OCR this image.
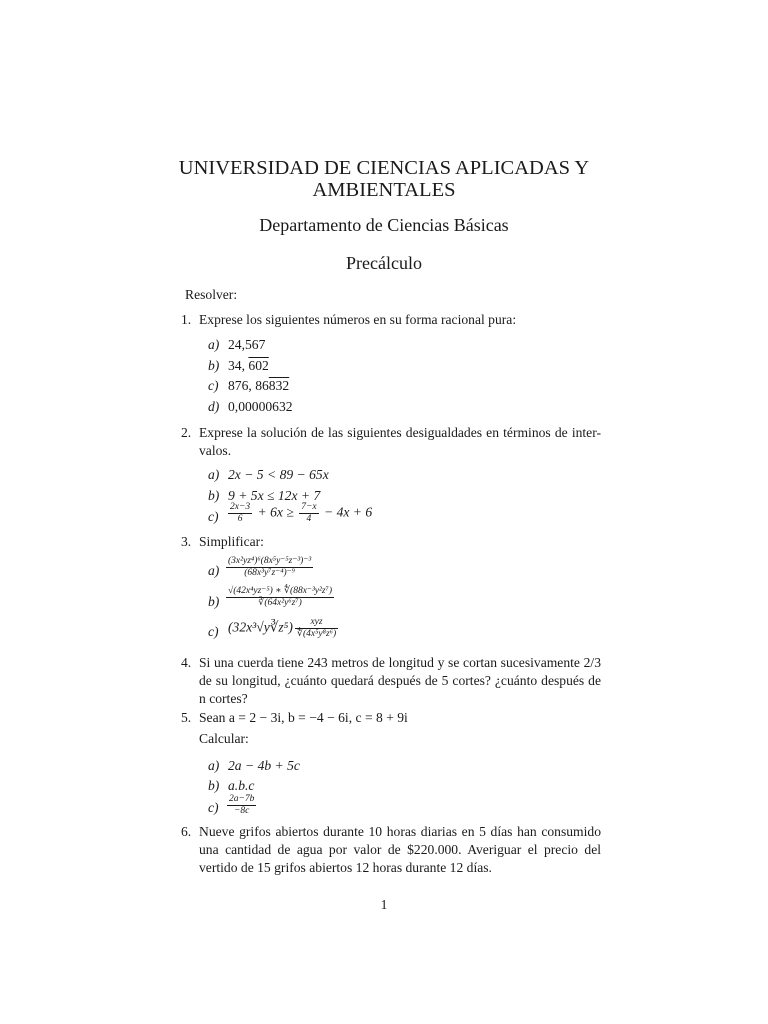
UNIVERSIDAD DE CIENCIAS APLICADAS Y
AMBIENTALES
Departamento de Ciencias Básicas
Precálculo
Resolver:
1. Exprese los siguientes números en su forma racional pura:
a) 24,567
b) 34, 602
c) 876, 86832
d) 0,00000632
2. Exprese la solución de las siguientes desigualdades en términos de inter- valos.
a) 2x − 5 < 89 − 65x
b) 9 + 5x ≤ 12x + 7
$c) \frac{2x-3}{6} + 6x \ge \frac{7-x}{4} - 4x + 6$
3. Simplificar:
$a) \frac{\text{(3x²yz⁴)⁶(8x⁵y⁻⁵z⁻³)⁻³}}{\text{(68x³y⁷z⁻⁴)⁻⁹}}$
$b) \frac{\text{√(42x⁴yz⁻⁵) ∗ ∜(88x⁻³y²z⁷)}}{\text{∛(64x²y⁶z⁷)}}$
c) (32x³√y∛z⁵) $\frac{\text{xyz}}{\text{∜(4x⁵y⁸z⁶)}}$
4. Si una cuerda tiene 243 metros de longitud y se cortan sucesivamente 2/3 de su longitud, ¿cuánto quedará después de 5 cortes? ¿cuánto después de n cortes?
5. Sean a = 2 − 3i, b = −4 − 6i, c = 8 + 9i
Calcular:
a) 2a − 4b + 5c
b) a.b.c
$c) \frac{2a-7b}{-8c}$
6. Nueve grifos abiertos durante 10 horas diarias en 5 días han consumido una cantidad de agua por valor de $220.000. Averiguar el precio del vertido de 15 grifos abiertos 12 horas durante 12 días.
1
